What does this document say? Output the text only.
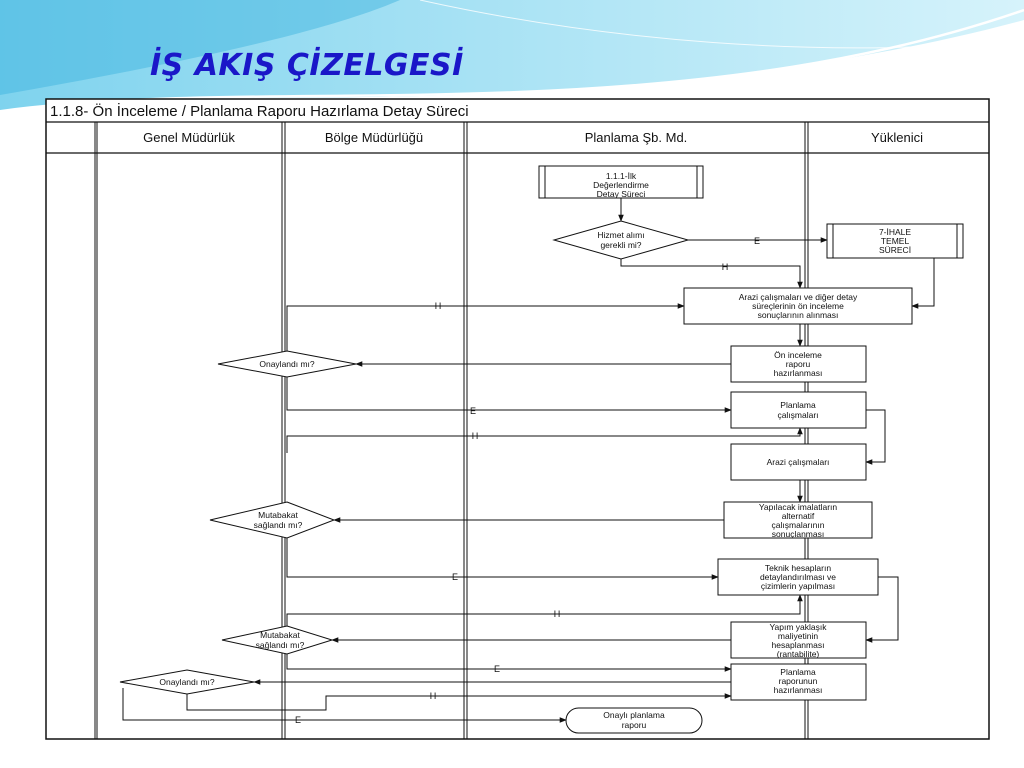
İŞ AKIŞ ÇİZELGESİ
1.1.8- Ön İnceleme / Planlama Raporu Hazırlama Detay Süreci
Genel Müdürlük	Bölge Müdürlüğü	Planlama Şb. Md.	Yüklenici
E
H
H
E
H
E
H
E
H
E
1.1.1-İlk
Değerlendirme
Detay Süreci
Hizmet alımı
gerekli mi?
7-İHALE
TEMEL
SÜRECİ
Arazi çalışmaları ve diğer detay
süreçlerinin ön inceleme
sonuçlarının alınması
Ön inceleme
raporu
hazırlanması
Onaylandı mı?
Planlama
çalışmaları
Arazi çalışmaları
Yapılacak imalatların
alternatif
çalışmalarının
sonuçlanması
Mutabakat
sağlandı mı?
Teknik hesapların
detaylandırılması ve
çizimlerin yapılması
Yapım yaklaşık
maliyetinin
hesaplanması
(rantabilite)
Mutabakat
sağlandı mı?
Planlama
raporunun
hazırlanması
Onaylandı mı?
Onaylı planlama
raporu
